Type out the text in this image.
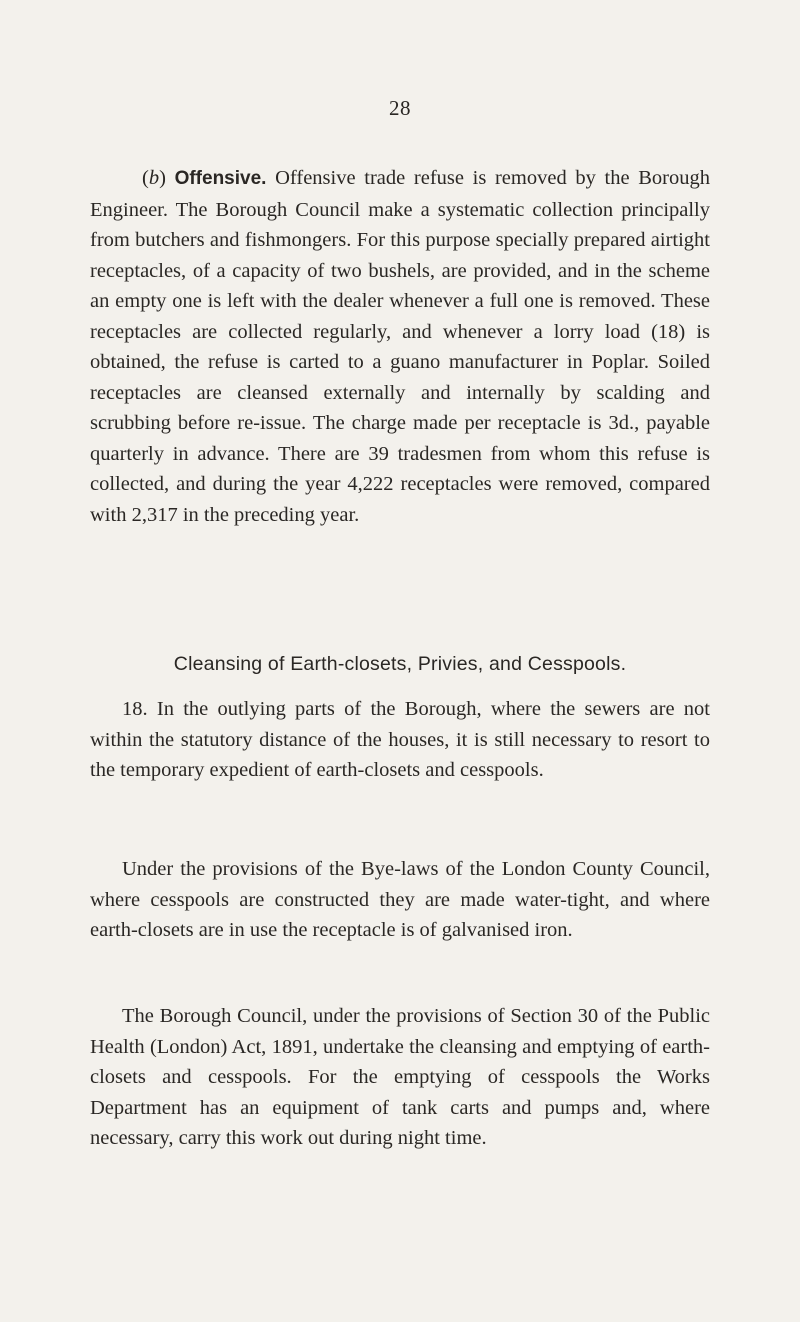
28
(b) Offensive. Offensive trade refuse is removed by the Borough Engineer. The Borough Council make a systematic collection principally from butchers and fishmongers. For this purpose specially prepared airtight receptacles, of a capacity of two bushels, are provided, and in the scheme an empty one is left with the dealer whenever a full one is removed. These receptacles are collected regularly, and whenever a lorry load (18) is obtained, the refuse is carted to a guano manufacturer in Poplar. Soiled receptacles are cleansed externally and internally by scalding and scrubbing before re-issue. The charge made per receptacle is 3d., payable quarterly in advance. There are 39 tradesmen from whom this refuse is collected, and during the year 4,222 receptacles were removed, compared with 2,317 in the preceding year.
Cleansing of Earth-closets, Privies, and Cesspools.
18. In the outlying parts of the Borough, where the sewers are not within the statutory distance of the houses, it is still necessary to resort to the temporary expedient of earth-closets and cesspools.
Under the provisions of the Bye-laws of the London County Council, where cesspools are constructed they are made water-tight, and where earth-closets are in use the receptacle is of galvanised iron.
The Borough Council, under the provisions of Section 30 of the Public Health (London) Act, 1891, undertake the cleansing and emptying of earth-closets and cesspools. For the emptying of cesspools the Works Department has an equipment of tank carts and pumps and, where necessary, carry this work out during night time.
